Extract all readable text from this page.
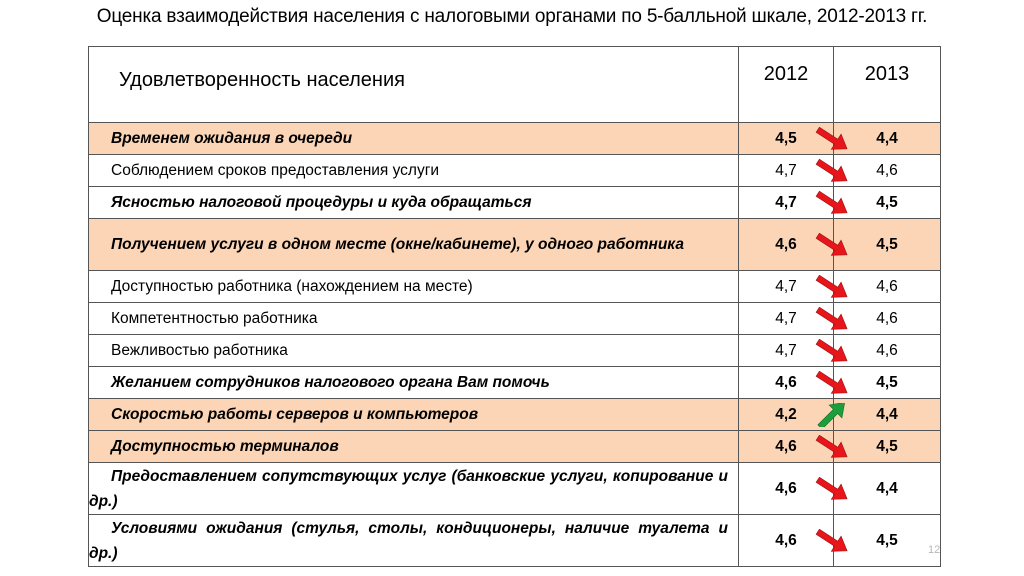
Оценка взаимодействия населения с налоговыми органами по 5-балльной шкале, 2012-2013 гг.
Удовлетворенность населения	2012	2013

Временем ожидания в очереди	4,5	4,4

Соблюдением сроков предоставления услуги	4,7	4,6

Ясностью налоговой процедуры и куда обращаться	4,7	4,5

Получением услуги в одном месте (окне/кабинете), у одного работника	4,6	4,5

Доступностью работника (нахождением на месте)	4,7	4,6

Компетентностью работника	4,7	4,6

Вежливостью работника	4,7	4,6

Желанием сотрудников налогового органа Вам помочь	4,6	4,5

Скоростью работы серверов и компьютеров	4,2	4,4

Доступностью терминалов	4,6	4,5

Предоставлением сопутствующих услуг (банковские услуги, копирование и др.)	4,6	4,4

Условиями ожидания (стулья, столы, кондиционеры, наличие туалета и др.)	4,6	4,5
12
